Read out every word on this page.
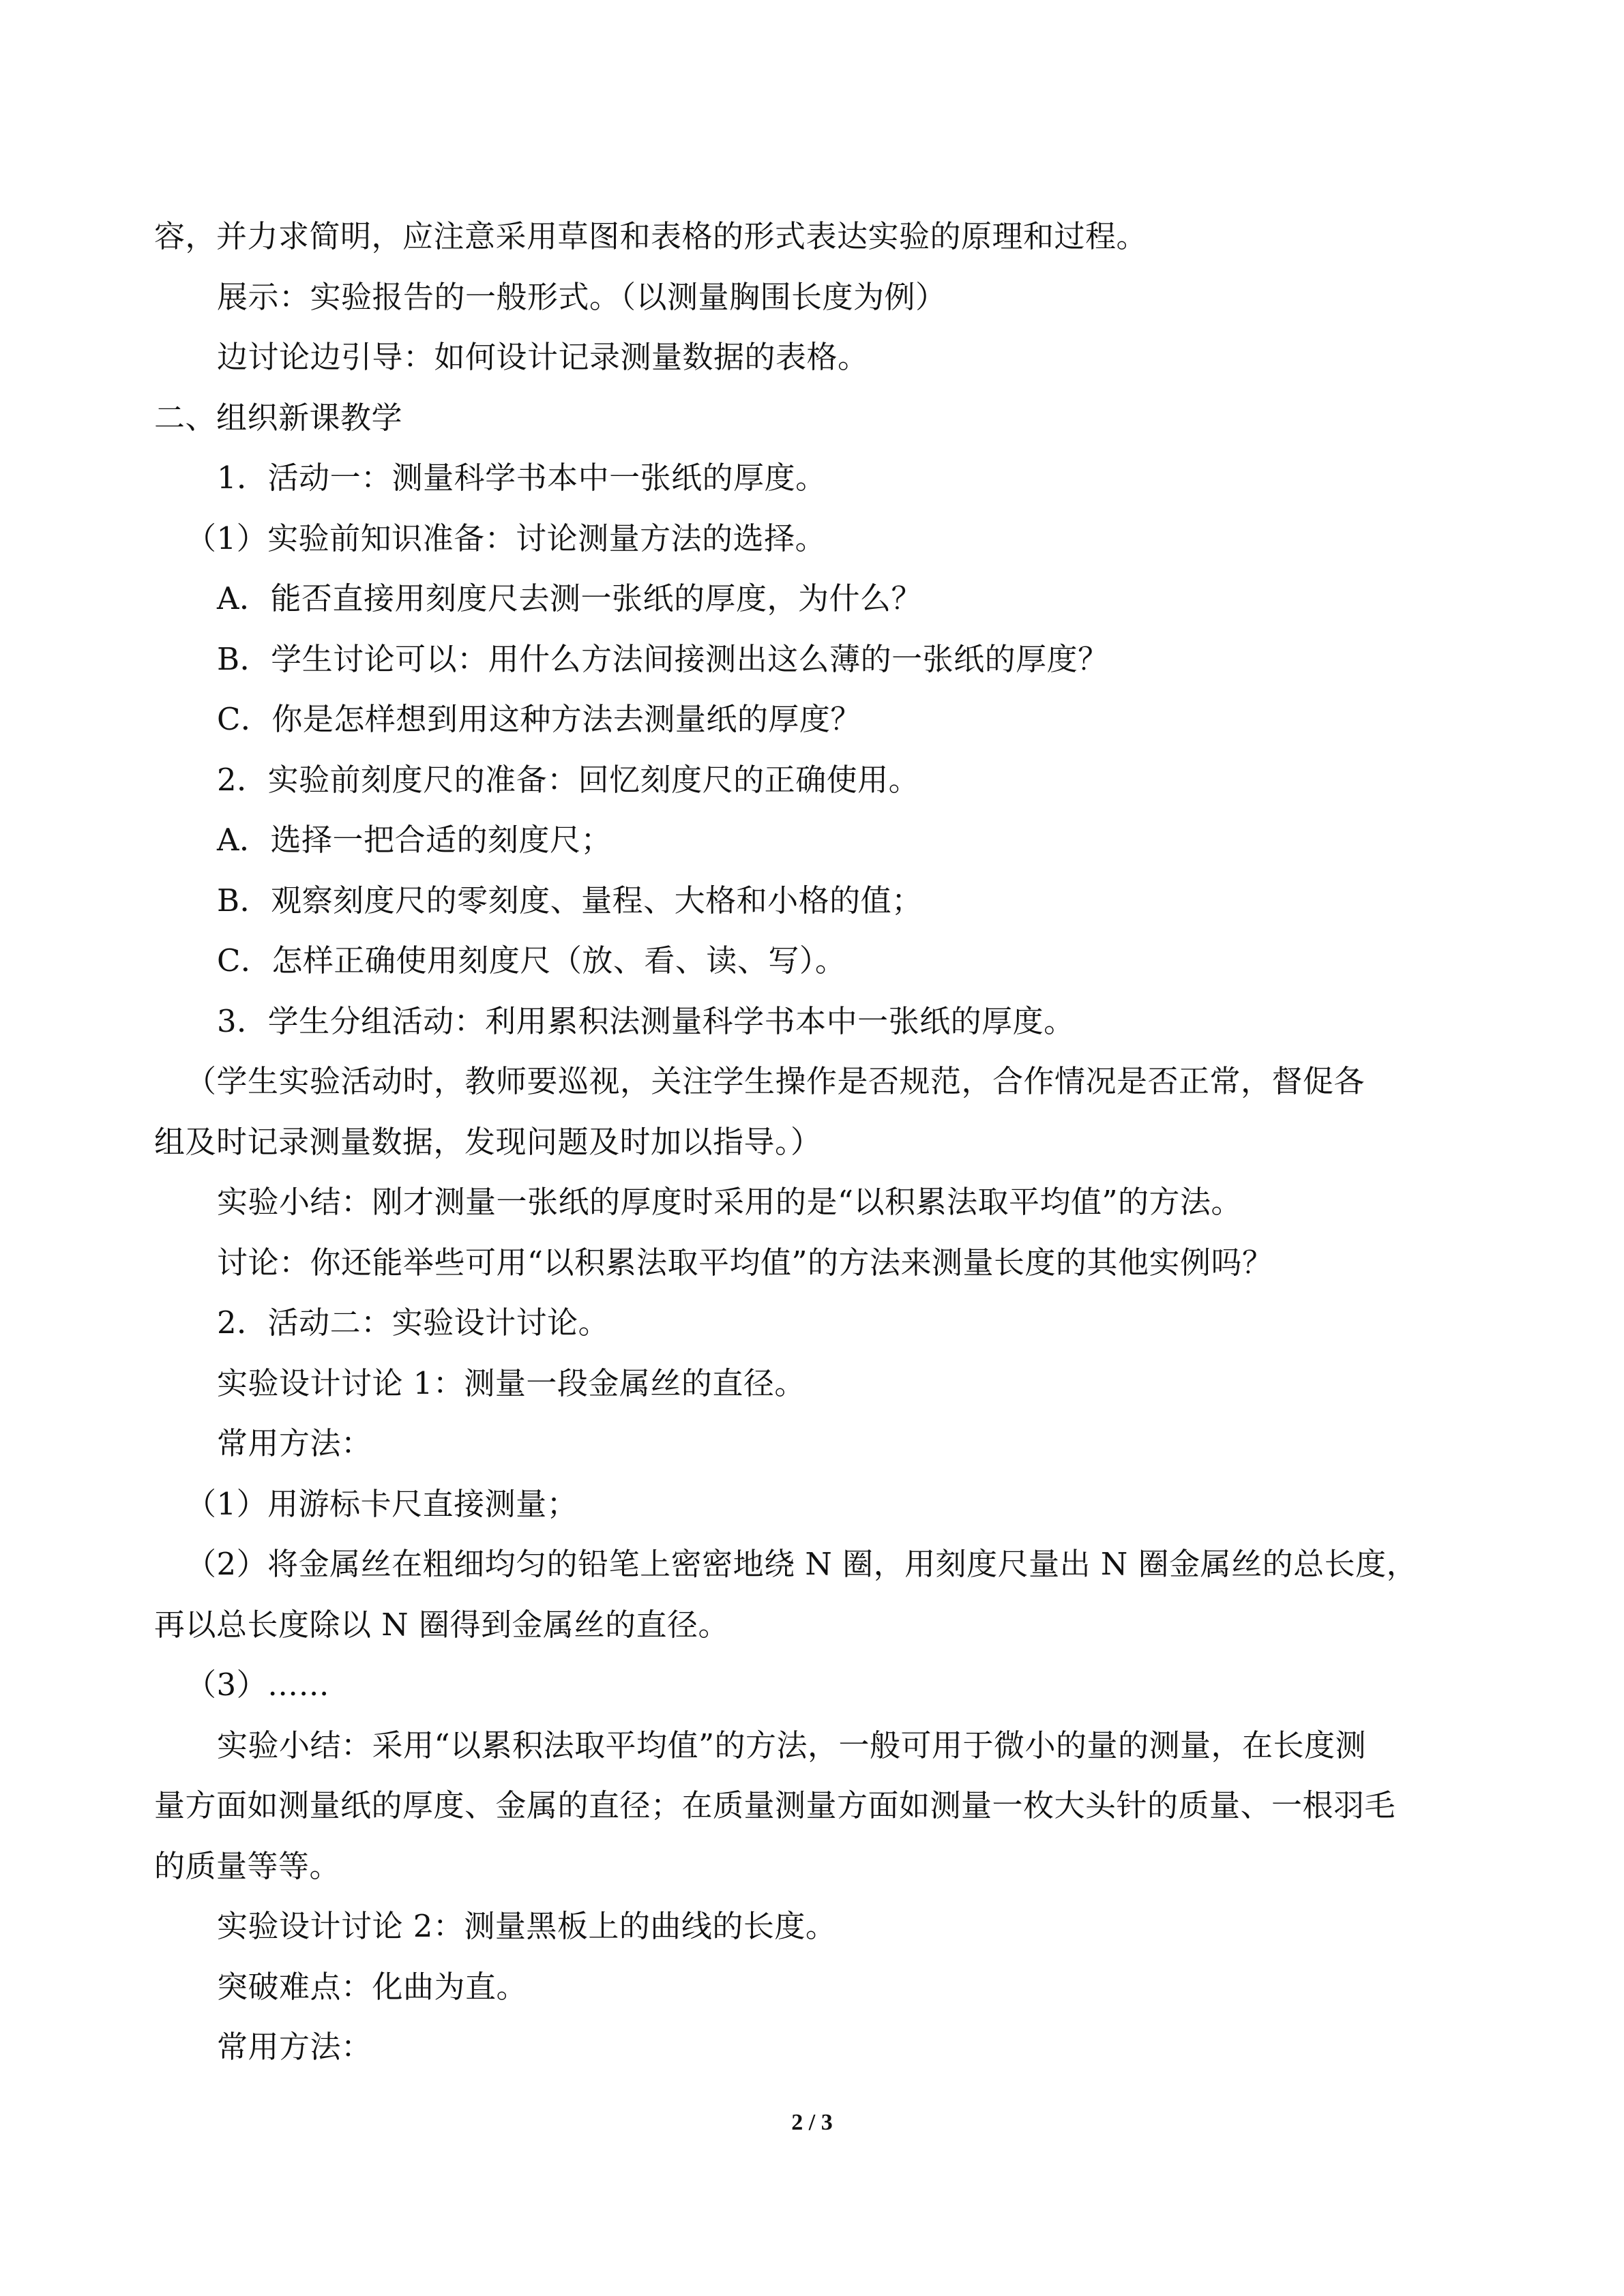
容，并力求简明，应注意采用草图和表格的形式表达实验的原理和过程。
展示：实验报告的一般形式。（以测量胸围长度为例）
边讨论边引导：如何设计记录测量数据的表格。
二、组织新课教学
1．活动一：测量科学书本中一张纸的厚度。
（1）实验前知识准备：讨论测量方法的选择。
A．能否直接用刻度尺去测一张纸的厚度，为什么？
B．学生讨论可以：用什么方法间接测出这么薄的一张纸的厚度？
C．你是怎样想到用这种方法去测量纸的厚度？
2．实验前刻度尺的准备：回忆刻度尺的正确使用。
A．选择一把合适的刻度尺；
B．观察刻度尺的零刻度、量程、大格和小格的值；
C．怎样正确使用刻度尺（放、看、读、写）。
3．学生分组活动：利用累积法测量科学书本中一张纸的厚度。
（学生实验活动时，教师要巡视，关注学生操作是否规范，合作情况是否正常，督促各
组及时记录测量数据，发现问题及时加以指导。）
实验小结：刚才测量一张纸的厚度时采用的是“以积累法取平均值”的方法。
讨论：你还能举些可用“以积累法取平均值”的方法来测量长度的其他实例吗？
2．活动二：实验设计讨论。
实验设计讨论 1：测量一段金属丝的直径。
常用方法：
（1）用游标卡尺直接测量；
（2）将金属丝在粗细均匀的铅笔上密密地绕 N 圈，用刻度尺量出 N 圈金属丝的总长度，
再以总长度除以 N 圈得到金属丝的直径。
（3）……
实验小结：采用“以累积法取平均值”的方法，一般可用于微小的量的测量，在长度测
量方面如测量纸的厚度、金属的直径；在质量测量方面如测量一枚大头针的质量、一根羽毛
的质量等等。
实验设计讨论 2：测量黑板上的曲线的长度。
突破难点：化曲为直。
常用方法：
2 / 3
